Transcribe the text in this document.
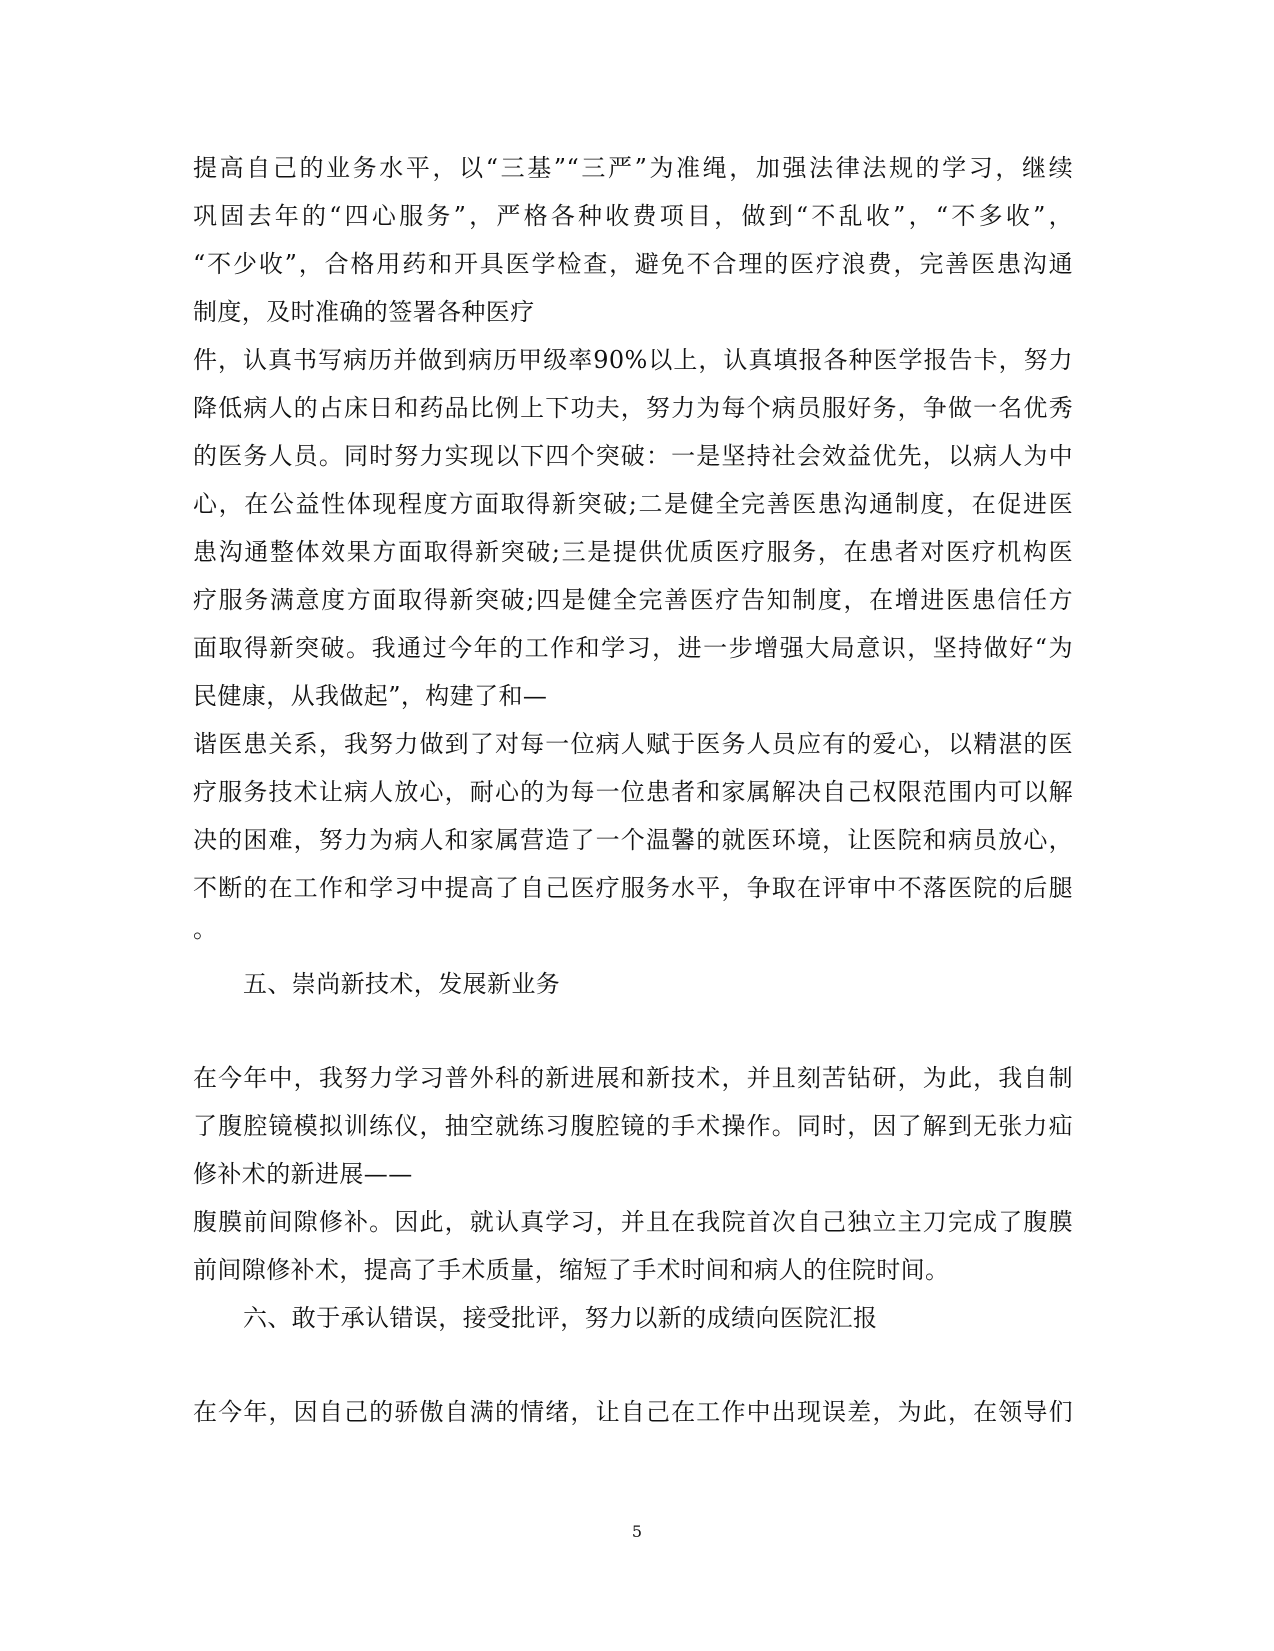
提高自己的业务水平，以“三基”“三严”为准绳，加强法律法规的学习，继续
巩固去年的“四心服务”，严格各种收费项目，做到“不乱收”，“不多收”，
“不少收”，合格用药和开具医学检查，避免不合理的医疗浪费，完善医患沟通
制度，及时准确的签署各种医疗
件，认真书写病历并做到病历甲级率90%以上，认真填报各种医学报告卡，努力
降低病人的占床日和药品比例上下功夫，努力为每个病员服好务，争做一名优秀
的医务人员。同时努力实现以下四个突破：一是坚持社会效益优先，以病人为中
心，在公益性体现程度方面取得新突破;二是健全完善医患沟通制度，在促进医
患沟通整体效果方面取得新突破;三是提供优质医疗服务，在患者对医疗机构医
疗服务满意度方面取得新突破;四是健全完善医疗告知制度，在增进医患信任方
面取得新突破。我通过今年的工作和学习，进一步增强大局意识，坚持做好“为
民健康，从我做起”，构建了和—
谐医患关系，我努力做到了对每一位病人赋于医务人员应有的爱心，以精湛的医
疗服务技术让病人放心，耐心的为每一位患者和家属解决自己权限范围内可以解
决的困难，努力为病人和家属营造了一个温馨的就医环境，让医院和病员放心，
不断的在工作和学习中提高了自己医疗服务水平，争取在评审中不落医院的后腿
。
五、崇尚新技术，发展新业务
在今年中，我努力学习普外科的新进展和新技术，并且刻苦钻研，为此，我自制
了腹腔镜模拟训练仪，抽空就练习腹腔镜的手术操作。同时，因了解到无张力疝
修补术的新进展——
腹膜前间隙修补。因此，就认真学习，并且在我院首次自己独立主刀完成了腹膜
前间隙修补术，提高了手术质量，缩短了手术时间和病人的住院时间。
六、敢于承认错误，接受批评，努力以新的成绩向医院汇报
在今年，因自己的骄傲自满的情绪，让自己在工作中出现误差，为此，在领导们
5
